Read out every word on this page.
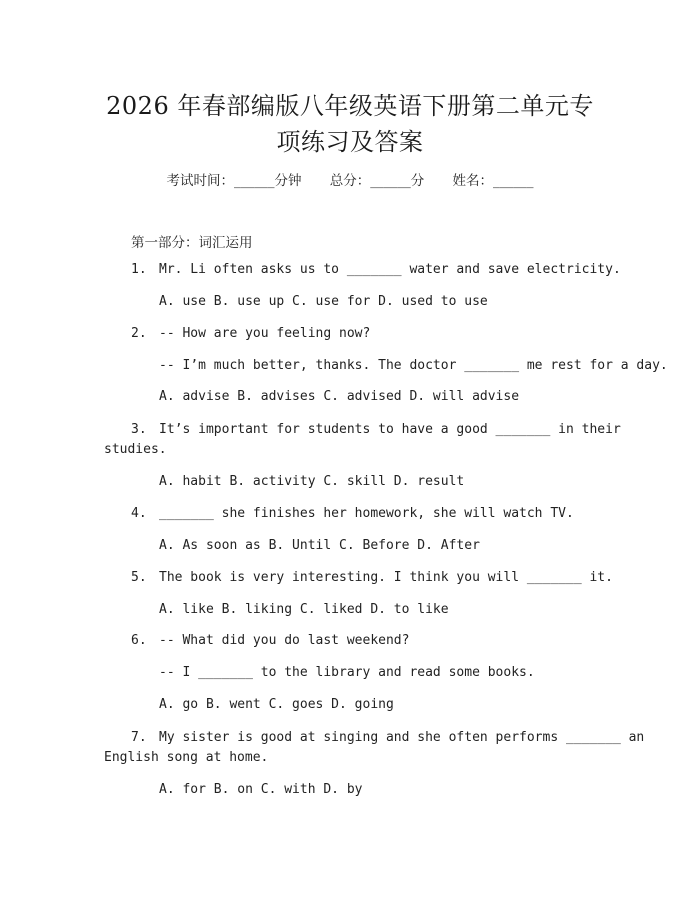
2026 年春部编版八年级英语下册第二单元专
项练习及答案
考试时间：______分钟 总分：______分 姓名：______
第一部分：词汇运用
1. Mr. Li often asks us to _______ water and save electricity.
A. use B. use up C. use for D. used to use
2. -- How are you feeling now?
-- I’m much better, thanks. The doctor _______ me rest for a day.
A. advise B. advises C. advised D. will advise
3. It’s important for students to have a good _______ in their
studies.
A. habit B. activity C. skill D. result
4. _______ she finishes her homework, she will watch TV.
A. As soon as B. Until C. Before D. After
5. The book is very interesting. I think you will _______ it.
A. like B. liking C. liked D. to like
6. -- What did you do last weekend?
-- I _______ to the library and read some books.
A. go B. went C. goes D. going
7. My sister is good at singing and she often performs _______ an
English song at home.
A. for B. on C. with D. by
